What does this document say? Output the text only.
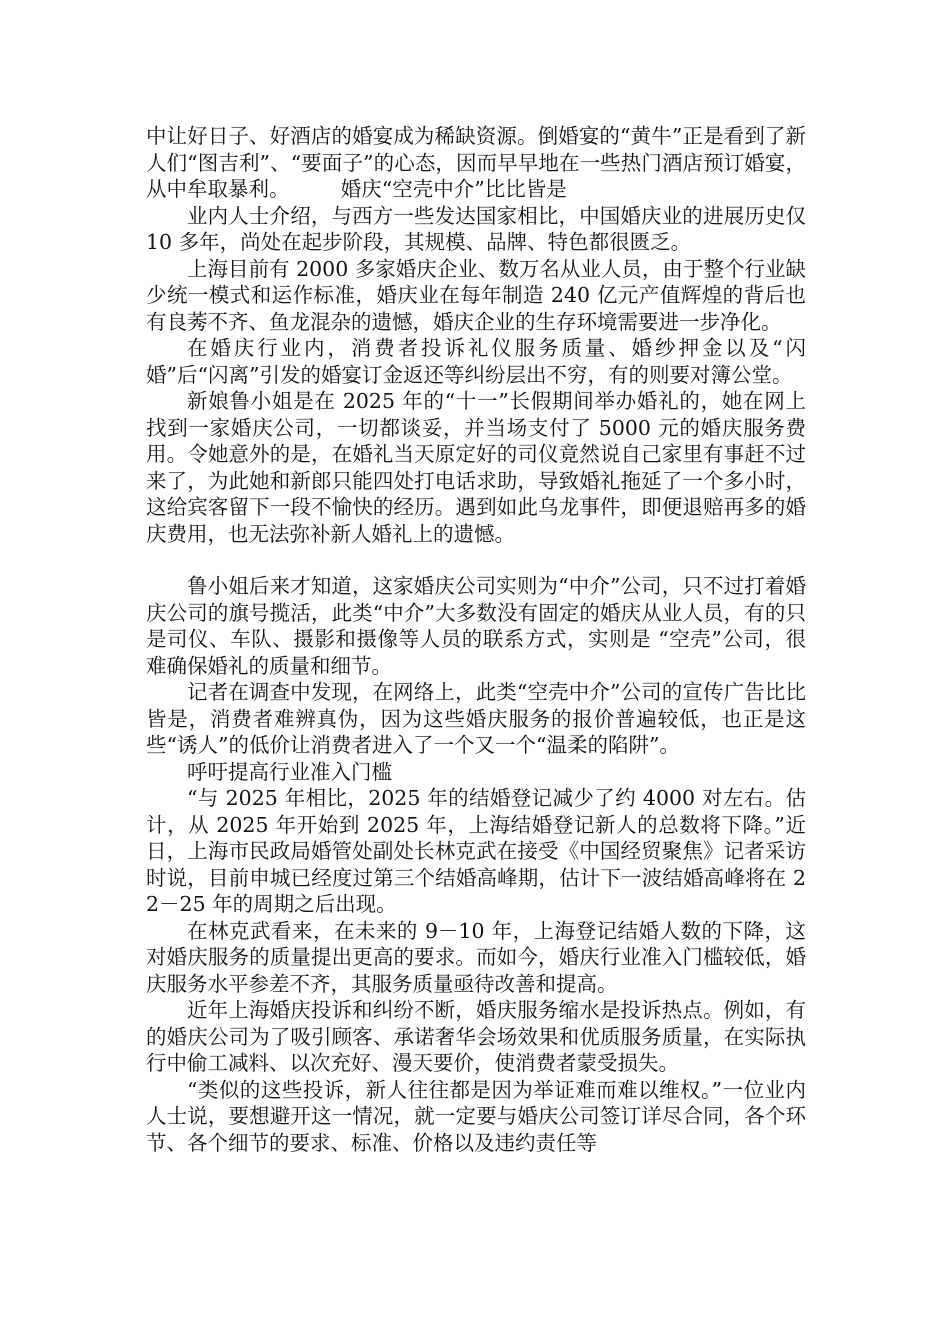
中让好日子、好酒店的婚宴成为稀缺资源。倒婚宴的“黄牛”正是看到了新人们“图吉利”、“要面子”的心态，因而早早地在一些热门酒店预订婚宴，从中牟取暴利。　　　婚庆“空壳中介”比比皆是

业内人士介绍，与西方一些发达国家相比，中国婚庆业的进展历史仅 10 多年，尚处在起步阶段，其规模、品牌、特色都很匮乏。

上海目前有 2000 多家婚庆企业、数万名从业人员，由于整个行业缺少统一模式和运作标准，婚庆业在每年制造 240 亿元产值辉煌的背后也有良莠不齐、鱼龙混杂的遗憾，婚庆企业的生存环境需要进一步净化。

在婚庆行业内，消费者投诉礼仪服务质量、婚纱押金以及“闪婚”后“闪离”引发的婚宴订金返还等纠纷层出不穷，有的则要对簿公堂。

新娘鲁小姐是在 2025 年的“十一”长假期间举办婚礼的，她在网上找到一家婚庆公司，一切都谈妥，并当场支付了 5000 元的婚庆服务费用。令她意外的是，在婚礼当天原定好的司仪竟然说自己家里有事赶不过来了，为此她和新郎只能四处打电话求助，导致婚礼拖延了一个多小时，这给宾客留下一段不愉快的经历。遇到如此乌龙事件，即便退赔再多的婚庆费用，也无法弥补新人婚礼上的遗憾。

鲁小姐后来才知道，这家婚庆公司实则为“中介”公司，只不过打着婚庆公司的旗号揽活，此类“中介”大多数没有固定的婚庆从业人员，有的只是司仪、车队、摄影和摄像等人员的联系方式，实则是 “空壳”公司，很难确保婚礼的质量和细节。

记者在调查中发现，在网络上，此类“空壳中介”公司的宣传广告比比皆是，消费者难辨真伪，因为这些婚庆服务的报价普遍较低，也正是这些“诱人”的低价让消费者进入了一个又一个“温柔的陷阱”。

呼吁提高行业准入门槛

“与 2025 年相比，2025 年的结婚登记减少了约 4000 对左右。估计，从 2025 年开始到 2025 年，上海结婚登记新人的总数将下降。”近日，上海市民政局婚管处副处长林克武在接受《中国经贸聚焦》记者采访时说，目前申城已经度过第三个结婚高峰期，估计下一波结婚高峰将在 22－25 年的周期之后出现。

在林克武看来，在未来的 9－10 年，上海登记结婚人数的下降，这对婚庆服务的质量提出更高的要求。而如今，婚庆行业准入门槛较低，婚庆服务水平参差不齐，其服务质量亟待改善和提高。

近年上海婚庆投诉和纠纷不断，婚庆服务缩水是投诉热点。例如，有的婚庆公司为了吸引顾客、承诺奢华会场效果和优质服务质量，在实际执行中偷工减料、以次充好、漫天要价，使消费者蒙受损失。

“类似的这些投诉，新人往往都是因为举证难而难以维权。”一位业内人士说，要想避开这一情况，就一定要与婚庆公司签订详尽合同，各个环节、各个细节的要求、标准、价格以及违约责任等
